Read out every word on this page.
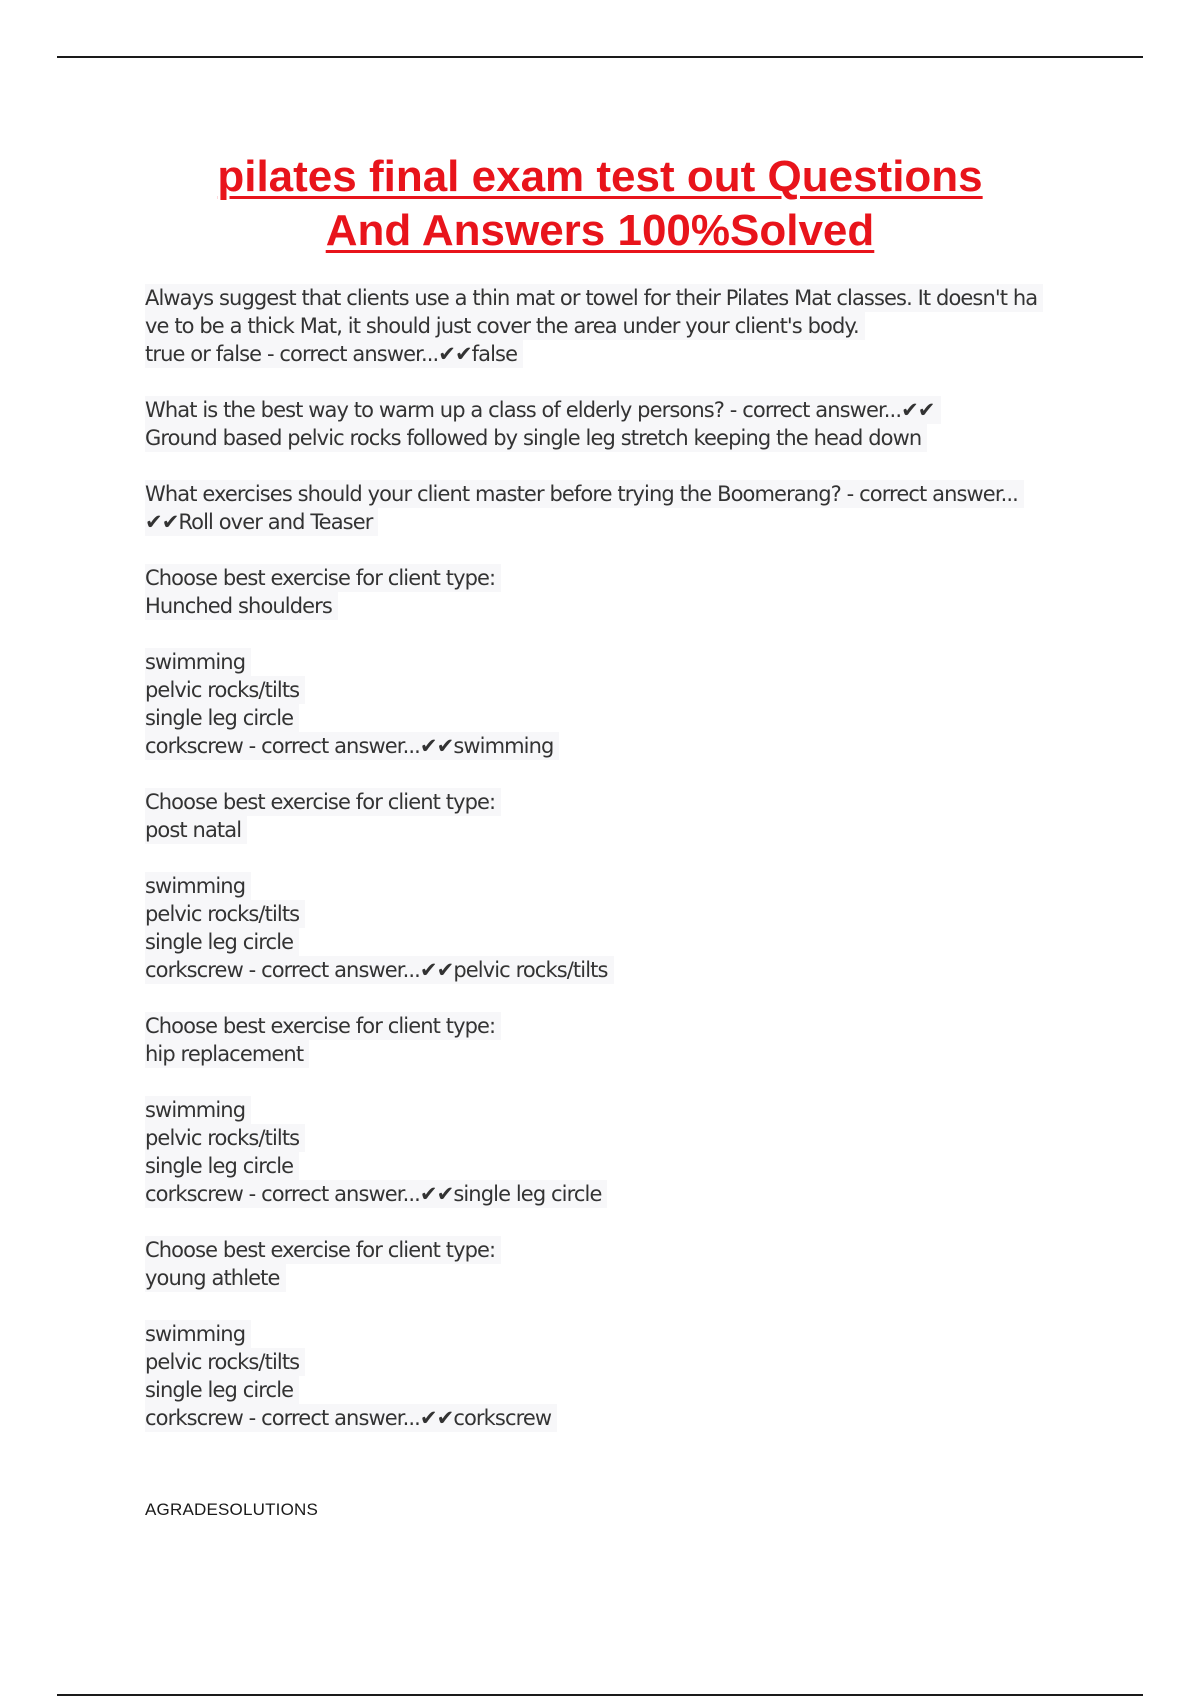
pilates final exam test out Questions
And Answers 100%Solved
Always suggest that clients use a thin mat or towel for their Pilates Mat classes. It doesn't ha
ve to be a thick Mat, it should just cover the area under your client's body.
true or false - correct answer...✔✔false
What is the best way to warm up a class of elderly persons? - correct answer...✔✔
Ground based pelvic rocks followed by single leg stretch keeping the head down
What exercises should your client master before trying the Boomerang? - correct answer...
✔✔Roll over and Teaser
Choose best exercise for client type:
Hunched shoulders
swimming
pelvic rocks/tilts
single leg circle
corkscrew - correct answer...✔✔swimming
Choose best exercise for client type:
post natal
swimming
pelvic rocks/tilts
single leg circle
corkscrew - correct answer...✔✔pelvic rocks/tilts
Choose best exercise for client type:
hip replacement
swimming
pelvic rocks/tilts
single leg circle
corkscrew - correct answer...✔✔single leg circle
Choose best exercise for client type:
young athlete
swimming
pelvic rocks/tilts
single leg circle
corkscrew - correct answer...✔✔corkscrew
AGRADESOLUTIONS
